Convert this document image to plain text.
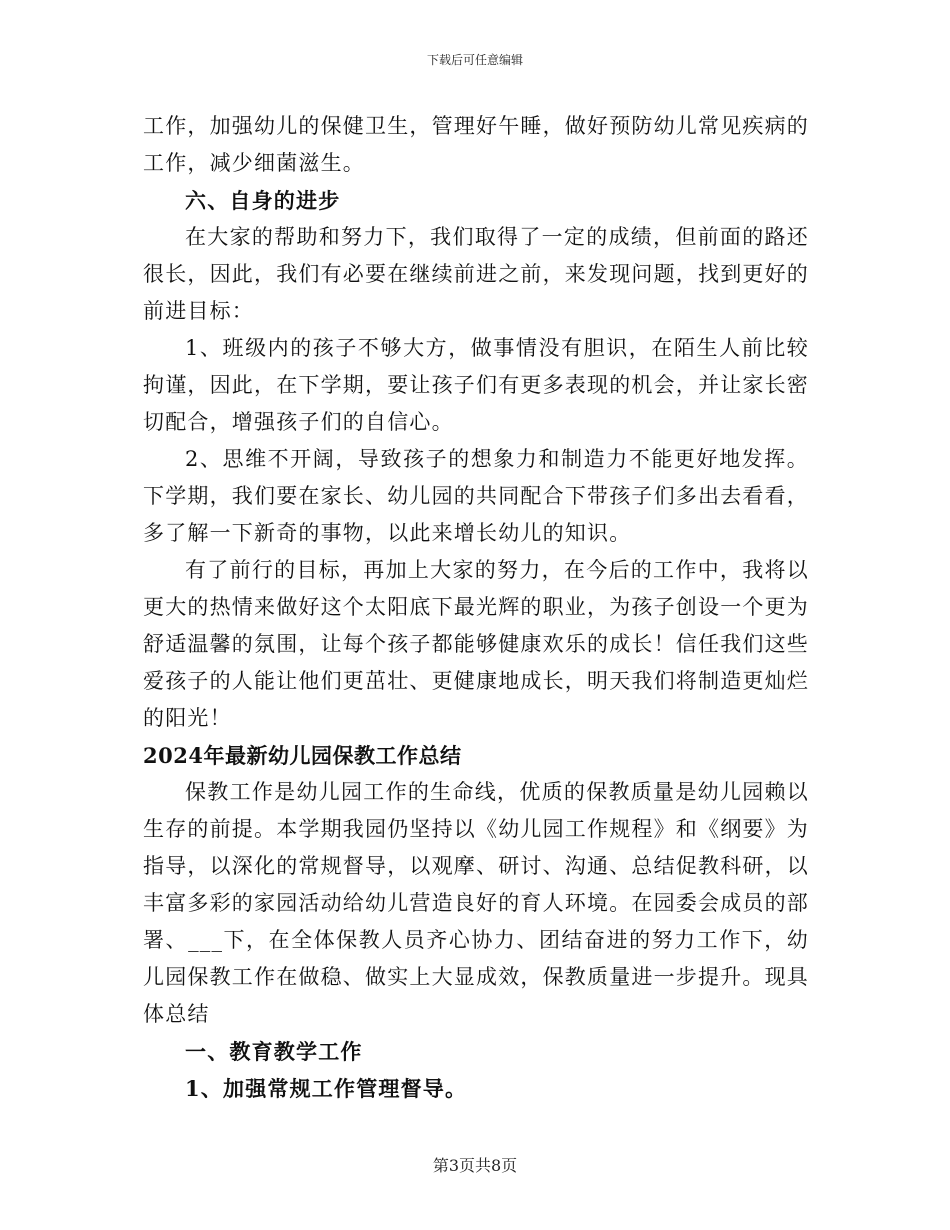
下载后可任意编辑

工作，加强幼儿的保健卫生，管理好午睡，做好预防幼儿常见疾病的工作，减少细菌滋生。

六、自身的进步

在大家的帮助和努力下，我们取得了一定的成绩，但前面的路还很长，因此，我们有必要在继续前进之前，来发现问题，找到更好的前进目标：

1、班级内的孩子不够大方，做事情没有胆识，在陌生人前比较拘谨，因此，在下学期，要让孩子们有更多表现的机会，并让家长密切配合，增强孩子们的自信心。

2、思维不开阔，导致孩子的想象力和制造力不能更好地发挥。下学期，我们要在家长、幼儿园的共同配合下带孩子们多出去看看，多了解一下新奇的事物，以此来增长幼儿的知识。

有了前行的目标，再加上大家的努力，在今后的工作中，我将以更大的热情来做好这个太阳底下最光辉的职业，为孩子创设一个更为舒适温馨的氛围，让每个孩子都能够健康欢乐的成长！信任我们这些爱孩子的人能让他们更茁壮、更健康地成长，明天我们将制造更灿烂的阳光！

2024年最新幼儿园保教工作总结

保教工作是幼儿园工作的生命线，优质的保教质量是幼儿园赖以生存的前提。本学期我园仍坚持以《幼儿园工作规程》和《纲要》为指导，以深化的常规督导，以观摩、研讨、沟通、总结促教科研，以丰富多彩的家园活动给幼儿营造良好的育人环境。在园委会成员的部署、___下，在全体保教人员齐心协力、团结奋进的努力工作下，幼儿园保教工作在做稳、做实上大显成效，保教质量进一步提升。现具体总结

一、教育教学工作

1、加强常规工作管理督导。

第3页共8页
